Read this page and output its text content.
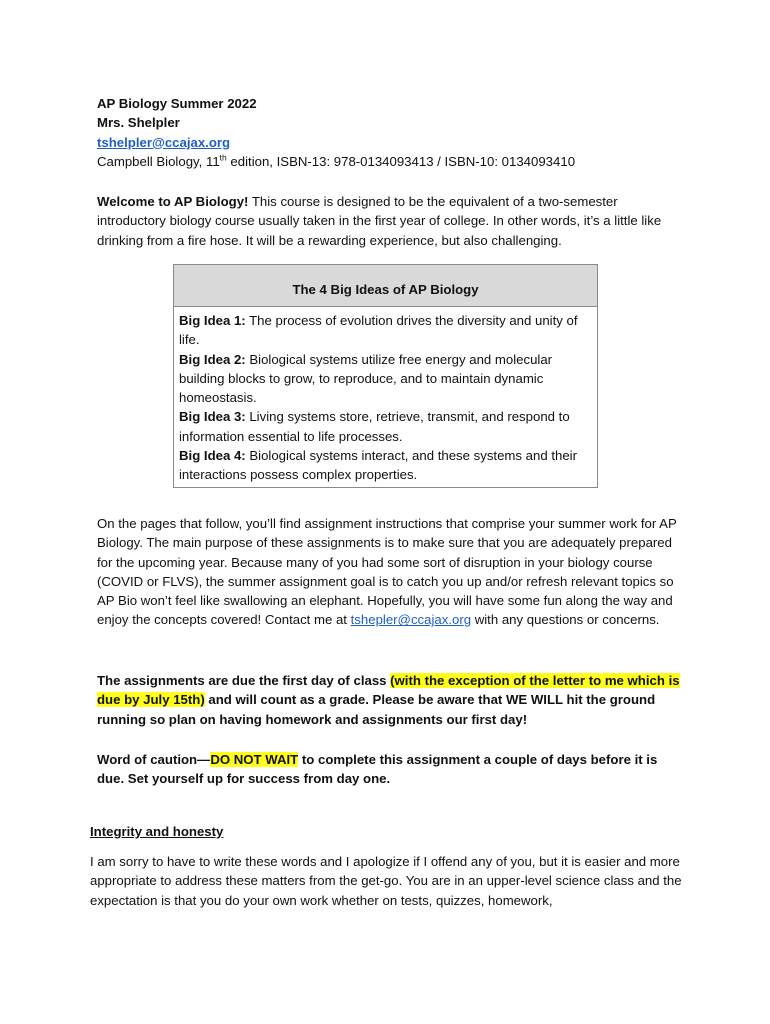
AP Biology Summer 2022
Mrs. Shelpler
tshelpler@ccajax.org
Campbell Biology, 11th edition, ISBN-13: 978-0134093413 / ISBN-10: 0134093410

Welcome to AP Biology! This course is designed to be the equivalent of a two-semester introductory biology course usually taken in the first year of college. In other words, it’s a little like drinking from a fire hose. It will be a rewarding experience, but also challenging.

The 4 Big Ideas of AP Biology

Big Idea 1: The process of evolution drives the diversity and unity of life.

Big Idea 2: Biological systems utilize free energy and molecular building blocks to grow, to reproduce, and to maintain dynamic homeostasis.

Big Idea 3: Living systems store, retrieve, transmit, and respond to information essential to life processes.

Big Idea 4: Biological systems interact, and these systems and their interactions possess complex properties.

On the pages that follow, you’ll find assignment instructions that comprise your summer work for AP Biology. The main purpose of these assignments is to make sure that you are adequately prepared for the upcoming year. Because many of you had some sort of disruption in your biology course (COVID or FLVS), the summer assignment goal is to catch you up and/or refresh relevant topics so AP Bio won’t feel like swallowing an elephant. Hopefully, you will have some fun along the way and enjoy the concepts covered! Contact me at tshepler@ccajax.org with any questions or concerns.

The assignments are due the first day of class (with the exception of the letter to me which is due by July 15th) and will count as a grade. Please be aware that WE WILL hit the ground running so plan on having homework and assignments our first day!

Word of caution—DO NOT WAIT to complete this assignment a couple of days before it is due. Set yourself up for success from day one.

Integrity and honesty

I am sorry to have to write these words and I apologize if I offend any of you, but it is easier and more appropriate to address these matters from the get-go. You are in an upper-level science class and the expectation is that you do your own work whether on tests, quizzes, homework,
